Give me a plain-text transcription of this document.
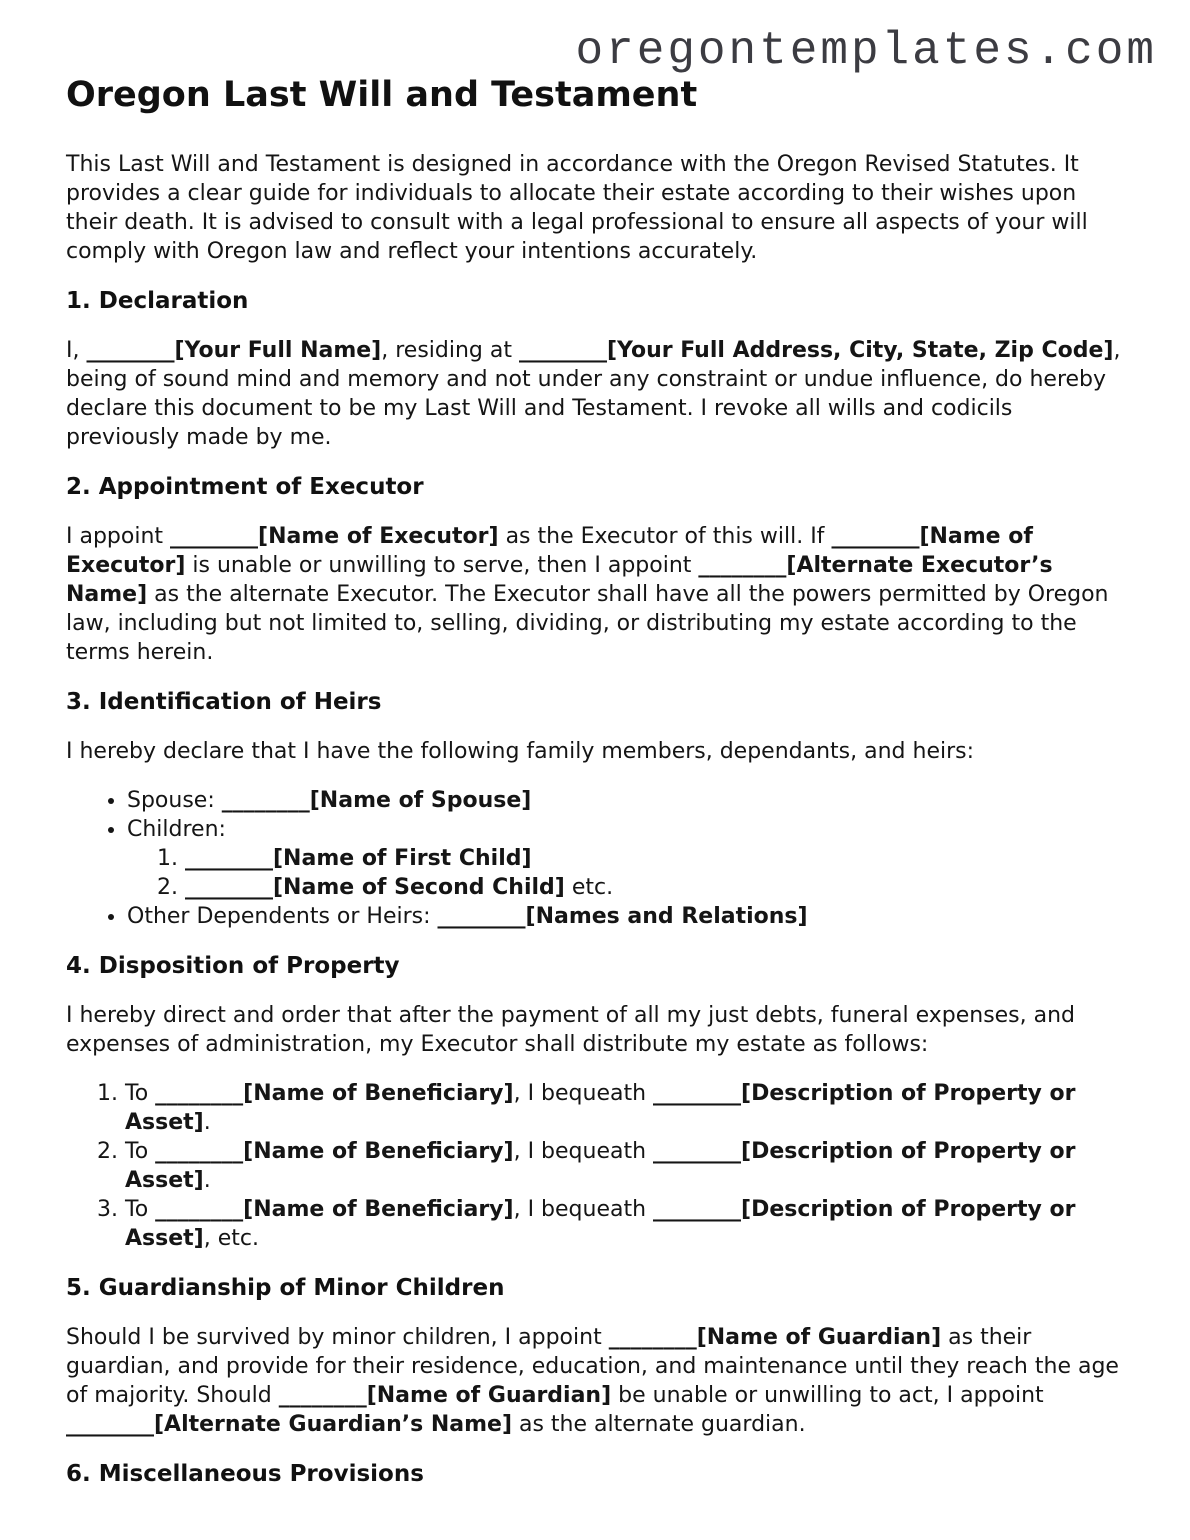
oregontemplates.com
Oregon Last Will and Testament

This Last Will and Testament is designed in accordance with the Oregon Revised Statutes. It provides a clear guide for individuals to allocate their estate according to their wishes upon their death. It is advised to consult with a legal professional to ensure all aspects of your will comply with Oregon law and reflect your intentions accurately.

1. Declaration

I, ________[Your Full Name], residing at ________[Your Full Address, City, State, Zip Code], being of sound mind and memory and not under any constraint or undue influence, do hereby declare this document to be my Last Will and Testament. I revoke all wills and codicils previously made by me.

2. Appointment of Executor

I appoint ________[Name of Executor] as the Executor of this will. If ________[Name of Executor] is unable or unwilling to serve, then I appoint ________[Alternate Executor’s Name] as the alternate Executor. The Executor shall have all the powers permitted by Oregon law, including but not limited to, selling, dividing, or distributing my estate according to the terms herein.

3. Identification of Heirs

I hereby declare that I have the following family members, dependants, and heirs:

• Spouse: ________[Name of Spouse]
• Children:
1. ________[Name of First Child]
2. ________[Name of Second Child] etc.
• Other Dependents or Heirs: ________[Names and Relations]
4. Disposition of Property

I hereby direct and order that after the payment of all my just debts, funeral expenses, and expenses of administration, my Executor shall distribute my estate as follows:

1. To ________[Name of Beneficiary], I bequeath ________[Description of Property or Asset].
2. To ________[Name of Beneficiary], I bequeath ________[Description of Property or Asset].
3. To ________[Name of Beneficiary], I bequeath ________[Description of Property or Asset], etc.
5. Guardianship of Minor Children

Should I be survived by minor children, I appoint ________[Name of Guardian] as their guardian, and provide for their residence, education, and maintenance until they reach the age of majority. Should ________[Name of Guardian] be unable or unwilling to act, I appoint ________[Alternate Guardian’s Name] as the alternate guardian.

6. Miscellaneous Provisions
